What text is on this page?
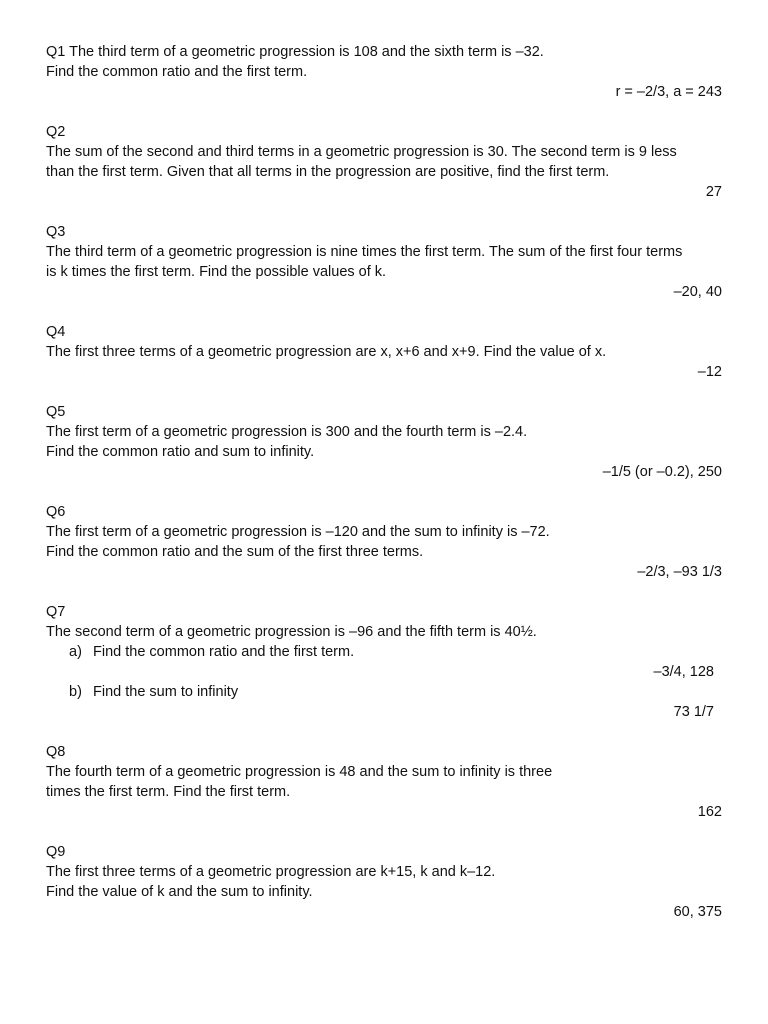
Q1 The third term of a geometric progression is 108 and the sixth term is –32.
Find the common ratio and the first term.
r = –2/3, a = 243
Q2
The sum of the second and third terms in a geometric progression is 30. The second term is 9 less than the first term. Given that all terms in the progression are positive, find the first term.
27
Q3
The third term of a geometric progression is nine times the first term. The sum of the first four terms is k times the first term. Find the possible values of k.
–20, 40
Q4
The first three terms of a geometric progression are x, x+6 and x+9. Find the value of x.
–12
Q5
The first term of a geometric progression is 300 and the fourth term is –2.4.
Find the common ratio and sum to infinity.
–1/5 (or –0.2), 250
Q6
The first term of a geometric progression is –120 and the sum to infinity is –72.
Find the common ratio and the sum of the first three terms.
–2/3, –93 1/3
Q7
The second term of a geometric progression is –96 and the fifth term is 40½.
a) Find the common ratio and the first term.
–3/4, 128
b) Find the sum to infinity
73 1/7
Q8
The fourth term of a geometric progression is 48 and the sum to infinity is three
times the first term. Find the first term.
162
Q9
The first three terms of a geometric progression are k+15, k and k–12.
Find the value of k and the sum to infinity.
60, 375
